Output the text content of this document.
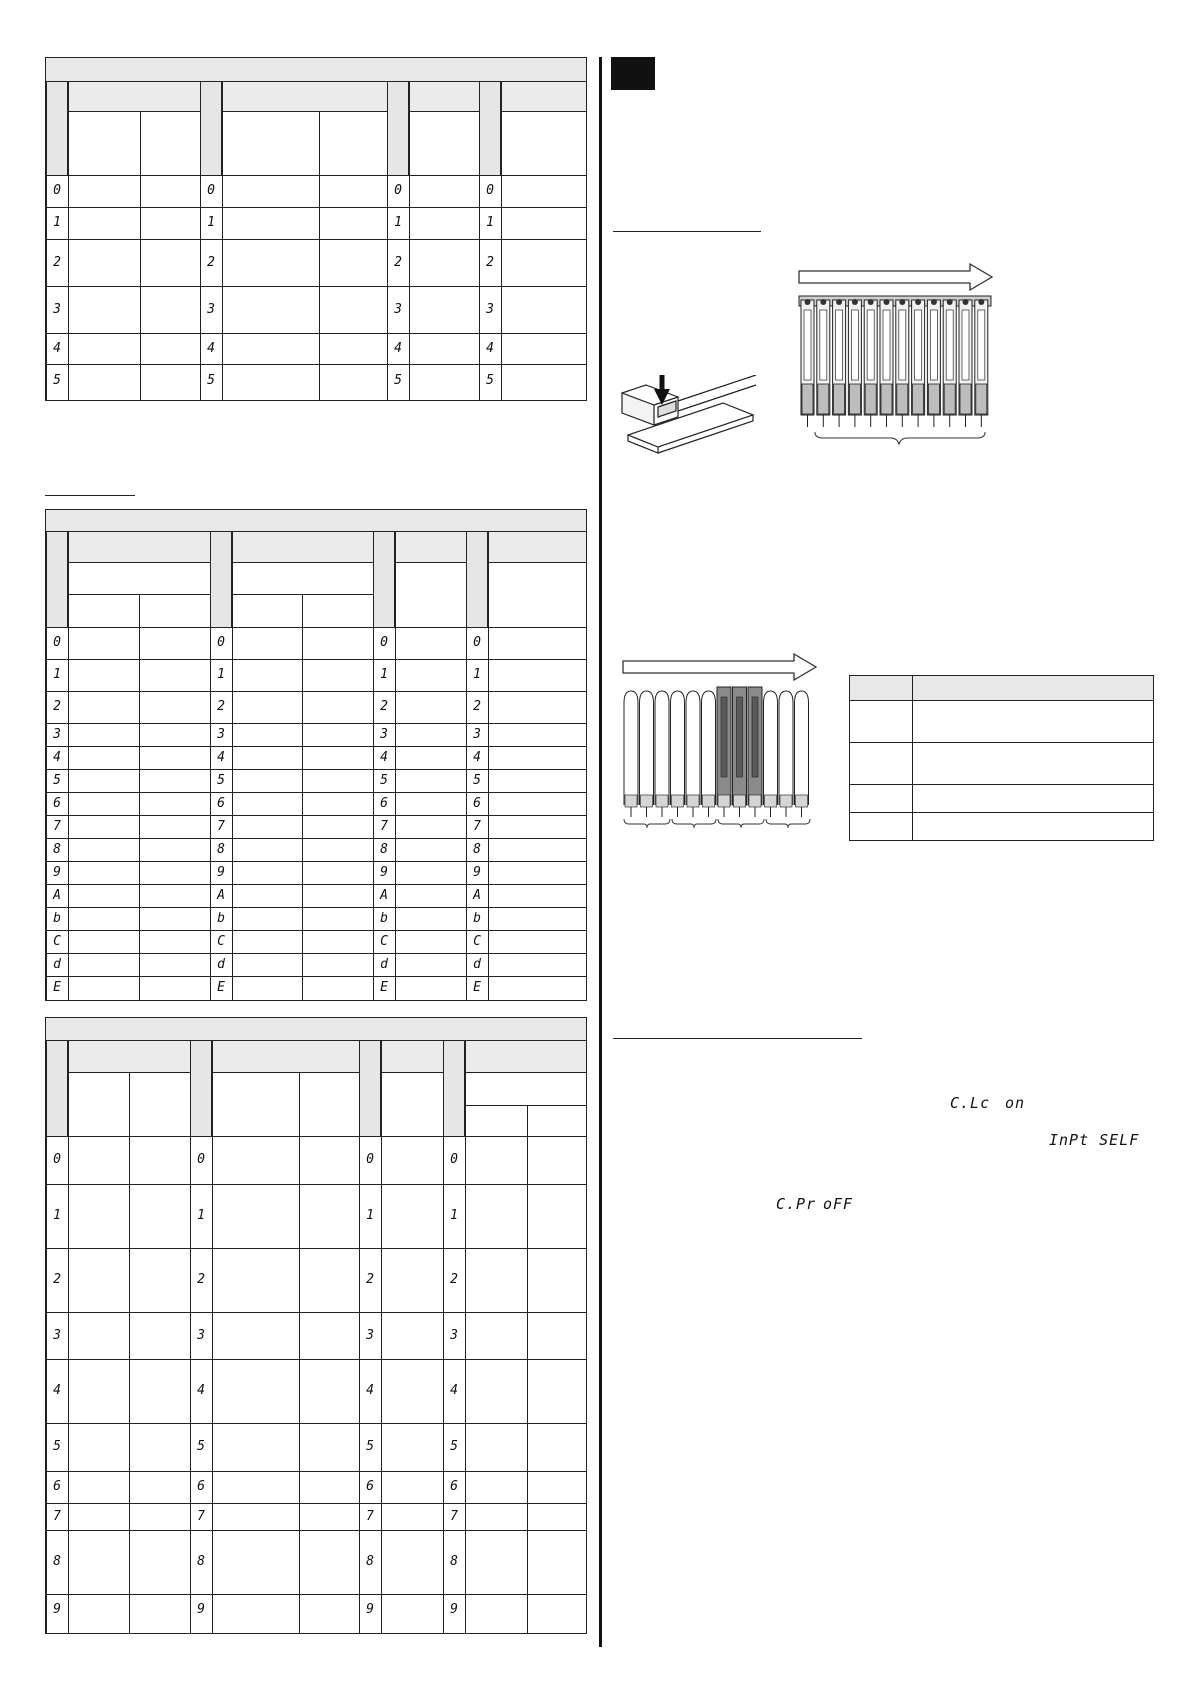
0	0	0	0
1	1	1	1
2	2	2	2
3	3	3	3
4	4	4	4
5	5	5	5
0	0	0	0
1	1	1	1
2	2	2	2
3	3	3	3
4	4	4	4
5	5	5	5
6	6	6	6
7	7	7	7
8	8	8	8
9	9	9	9
A	A	A	A
b	b	b	b
C	C	C	C
d	d	d	d
E	E	E	E
0	0	0	0
1	1	1	1
2	2	2	2
3	3	3	3
4	4	4	4
5	5	5	5
6	6	6	6
7	7	7	7
8	8	8	8
9	9	9	9
C.Lc on
InPt SELF
C.Pr oFF
